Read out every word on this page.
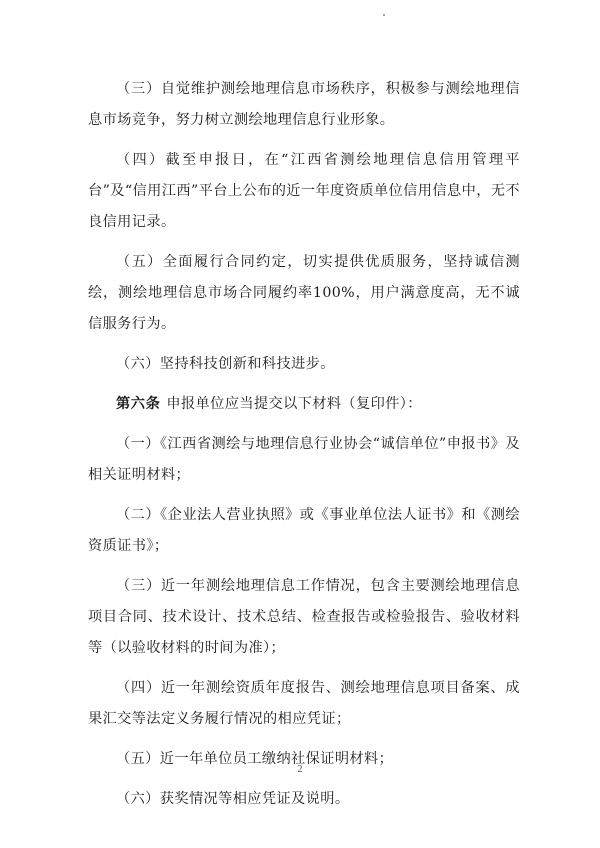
（三）自觉维护测绘地理信息市场秩序，积极参与测绘地理信息市场竞争，努力树立测绘地理信息行业形象。

（四）截至申报日，在“江西省测绘地理信息信用管理平台”及“信用江西”平台上公布的近一年度资质单位信用信息中，无不良信用记录。

（五）全面履行合同约定，切实提供优质服务，坚持诚信测绘，测绘地理信息市场合同履约率100%，用户满意度高，无不诚信服务行为。

（六）坚持科技创新和科技进步。

第六条 申报单位应当提交以下材料（复印件）：

（一）《江西省测绘与地理信息行业协会“诚信单位”申报书》及相关证明材料；

（二）《企业法人营业执照》或《事业单位法人证书》和《测绘资质证书》；

（三）近一年测绘地理信息工作情况，包含主要测绘地理信息项目合同、技术设计、技术总结、检查报告或检验报告、验收材料等（以验收材料的时间为准）；

（四）近一年测绘资质年度报告、测绘地理信息项目备案、成果汇交等法定义务履行情况的相应凭证；

（五）近一年单位员工缴纳社保证明材料；

（六）获奖情况等相应凭证及说明。

2
